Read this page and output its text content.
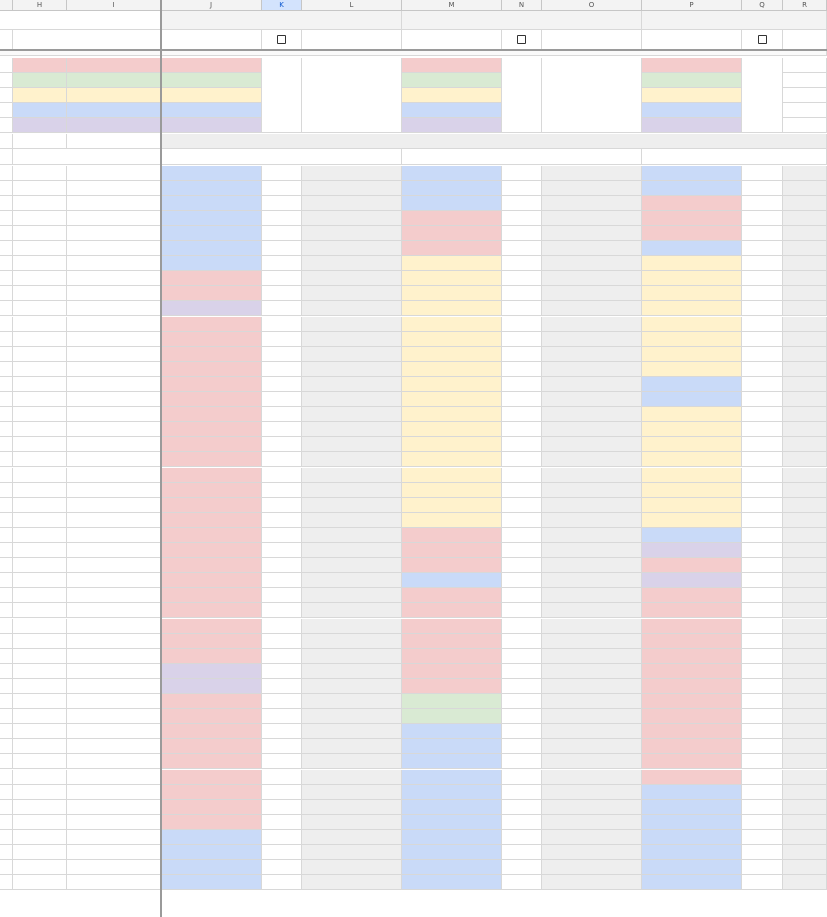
H	I	J	K	L	M	N	O	P	Q	R
